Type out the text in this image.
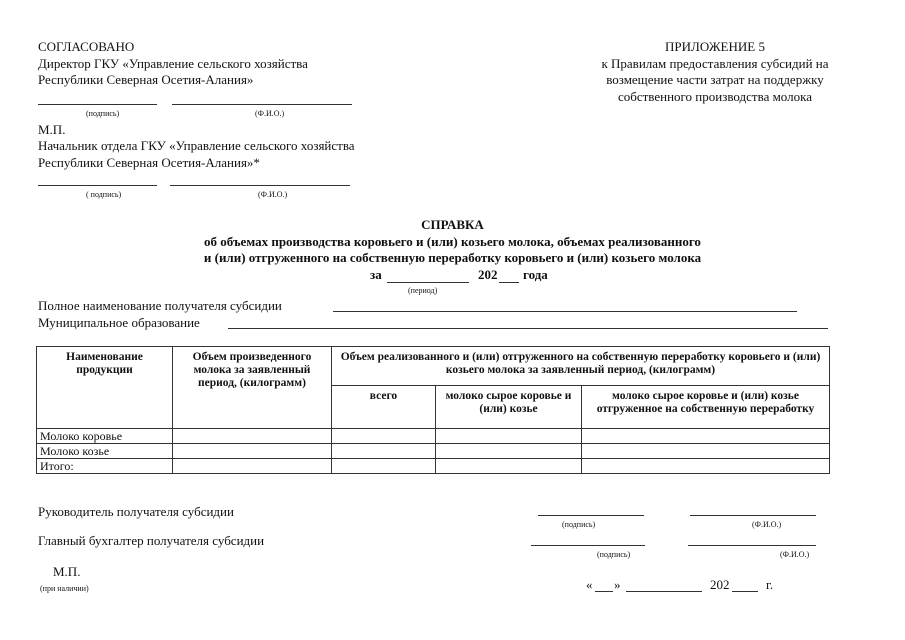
СОГЛАСОВАНО
Директор ГКУ «Управление сельского хозяйства
Республики Северная Осетия-Алания»
(подпись)	(Ф.И.О.)
М.П.
Начальник отдела ГКУ «Управление сельского хозяйства
Республики Северная Осетия-Алания»*
( подпись)	(Ф.И.О.)
ПРИЛОЖЕНИЕ 5
к Правилам предоставления субсидий на
возмещение части затрат на поддержку
собственного производства молока
СПРАВКА
об объемах производства коровьего и (или) козьего молока, объемах реализованного
и (или) отгруженного на собственную переработку коровьего и (или) козьего молока
за	202 года
(период)
Полное наименование получателя субсидии
Муниципальное образование
Наименование продукции	Объем произведенного молока за заявленный период, (килограмм)	Объем реализованного и (или) отгруженного на собственную переработку коровьего и (или) козьего молока за заявленный период, (килограмм)		
		всего	молоко сырое коровье и (или) козье	молоко сырое коровье и (или) козье отгруженное на собственную переработку
Молоко коровье				
Молоко козье				
Итого:				
Руководитель получателя субсидии
(подпись)	(Ф.И.О.)
Главный бухгалтер получателя субсидии
(подпись)	(Ф.И.О.)
М.П.
(при наличии)	« »	202	г.
